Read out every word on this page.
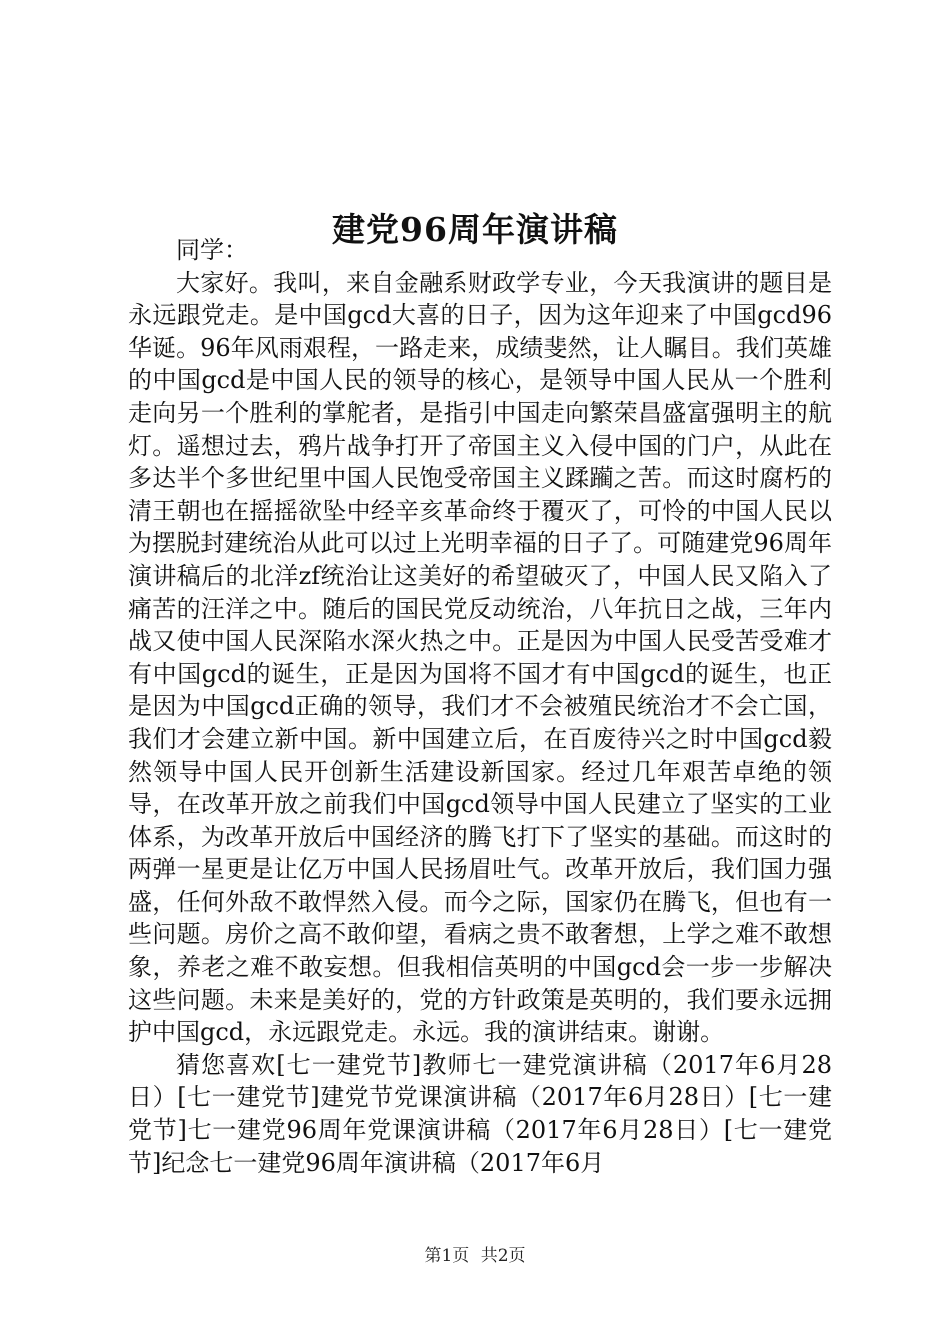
建党96周年演讲稿

同学：

大家好。我叫，来自金融系财政学专业，今天我演讲的题目是永远跟党走。是中国gcd大喜的日子，因为这年迎来了中国gcd96华诞。96年风雨艰程，一路走来，成绩斐然，让人瞩目。我们英雄的中国gcd是中国人民的领导的核心，是领导中国人民从一个胜利走向另一个胜利的掌舵者，是指引中国走向繁荣昌盛富强明主的航灯。遥想过去，鸦片战争打开了帝国主义入侵中国的门户，从此在多达半个多世纪里中国人民饱受帝国主义蹂躏之苦。而这时腐朽的清王朝也在摇摇欲坠中经辛亥革命终于覆灭了，可怜的中国人民以为摆脱封建统治从此可以过上光明幸福的日子了。可随建党96周年演讲稿后的北洋zf统治让这美好的希望破灭了，中国人民又陷入了痛苦的汪洋之中。随后的国民党反动统治，八年抗日之战，三年内战又使中国人民深陷水深火热之中。正是因为中国人民受苦受难才有中国gcd的诞生，正是因为国将不国才有中国gcd的诞生，也正是因为中国gcd正确的领导，我们才不会被殖民统治才不会亡国，我们才会建立新中国。新中国建立后，在百废待兴之时中国gcd毅然领导中国人民开创新生活建设新国家。经过几年艰苦卓绝的领导，在改革开放之前我们中国gcd领导中国人民建立了坚实的工业体系，为改革开放后中国经济的腾飞打下了坚实的基础。而这时的两弹一星更是让亿万中国人民扬眉吐气。改革开放后，我们国力强盛，任何外敌不敢悍然入侵。而今之际，国家仍在腾飞，但也有一些问题。房价之高不敢仰望，看病之贵不敢奢想，上学之难不敢想象，养老之难不敢妄想。但我相信英明的中国gcd会一步一步解决这些问题。未来是美好的，党的方针政策是英明的，我们要永远拥护中国gcd，永远跟党走。永远。我的演讲结束。谢谢。

猜您喜欢[七一建党节]教师七一建党演讲稿（2017年6月28日）[七一建党节]建党节党课演讲稿（2017年6月28日）[七一建党节]七一建党96周年党课演讲稿（2017年6月28日）[七一建党节]纪念七一建党96周年演讲稿（2017年6月

第1页 共2页
